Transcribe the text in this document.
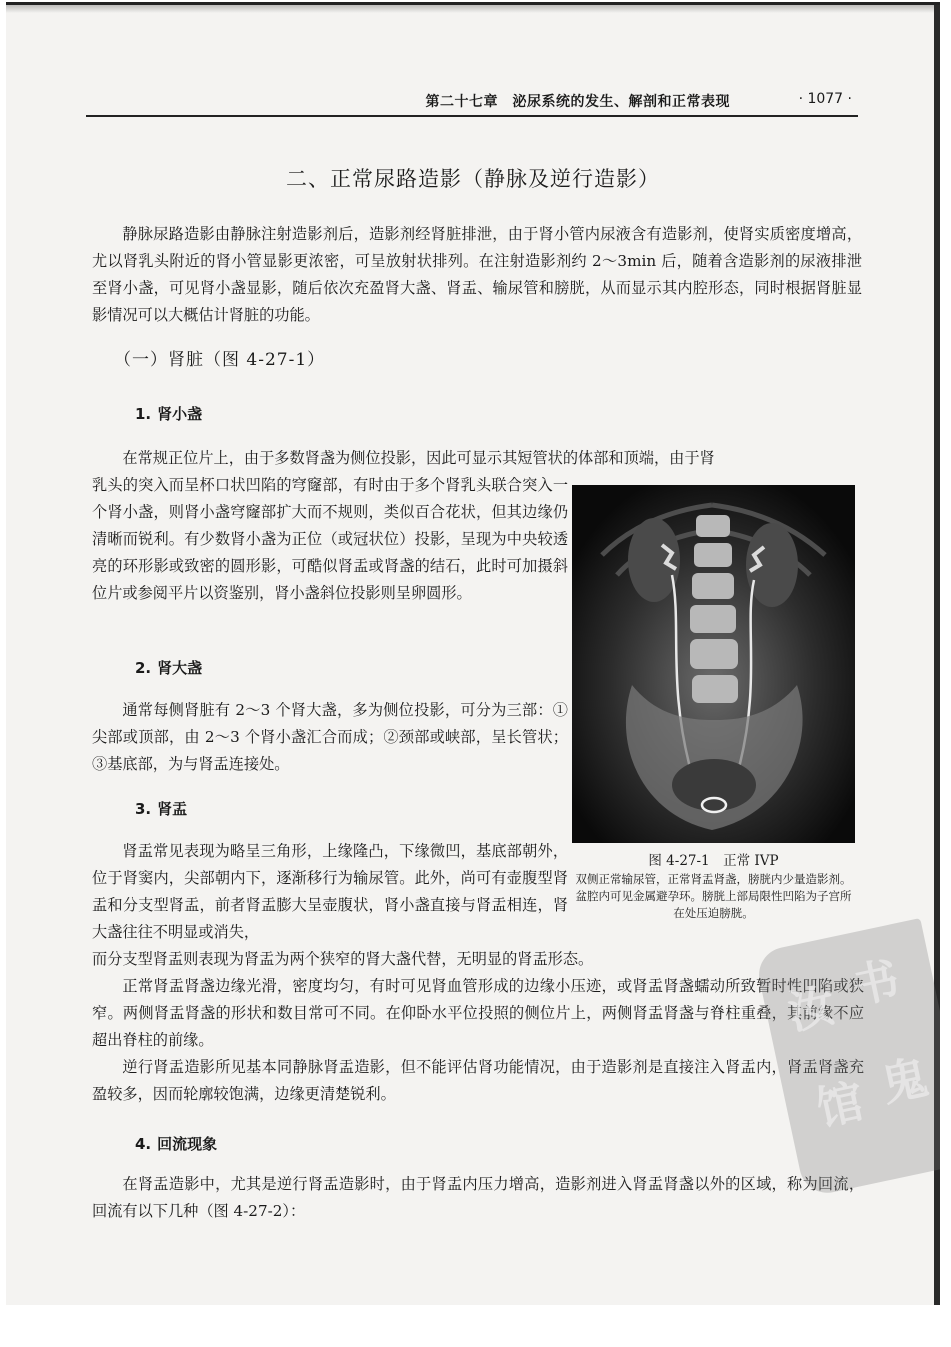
第二十七章　泌尿系统的发生、解剖和正常表现	· 1077 ·
二、正常尿路造影（静脉及逆行造影）

静脉尿路造影由静脉注射造影剂后，造影剂经肾脏排泄，由于肾小管内尿液含有造影剂，使肾实质密度增高，尤以肾乳头附近的肾小管显影更浓密，可呈放射状排列。在注射造影剂约 2～3min 后，随着含造影剂的尿液排泄至肾小盏，可见肾小盏显影，随后依次充盈肾大盏、肾盂、输尿管和膀胱，从而显示其内腔形态，同时根据肾脏显影情况可以大概估计肾脏的功能。

（一）肾脏（图 4-27-1）
1. 肾小盏

在常规正位片上，由于多数肾盏为侧位投影，因此可显示其短管状的体部和顶端，由于肾

乳头的突入而呈杯口状凹陷的穹窿部，有时由于多个肾乳头联合突入一个肾小盏，则肾小盏穹窿部扩大而不规则，类似百合花状，但其边缘仍清晰而锐利。有少数肾小盏为正位（或冠状位）投影，呈现为中央较透亮的环形影或致密的圆形影，可酷似肾盂或肾盏的结石，此时可加摄斜位片或参阅平片以资鉴别，肾小盏斜位投影则呈卵圆形。

2. 肾大盏

通常每侧肾脏有 2～3 个肾大盏，多为侧位投影，可分为三部：①尖部或顶部，由 2～3 个肾小盏汇合而成；②颈部或峡部，呈长管状；③基底部，为与肾盂连接处。

3. 肾盂

肾盂常见表现为略呈三角形，上缘隆凸，下缘微凹，基底部朝外，位于肾窦内，尖部朝内下，逐渐移行为输尿管。此外，尚可有壶腹型肾盂和分支型肾盂，前者肾盂膨大呈壶腹状，肾小盏直接与肾盂相连，肾大盏往往不明显或消失，

而分支型肾盂则表现为肾盂为两个狭窄的肾大盏代替，无明显的肾盂形态。

正常肾盂肾盏边缘光滑，密度均匀，有时可见肾血管形成的边缘小压迹，或肾盂肾盏蠕动所致暂时性凹陷或狭窄。两侧肾盂肾盏的形状和数目常可不同。在仰卧水平位投照的侧位片上，两侧肾盂肾盏与脊柱重叠，其前缘不应超出脊柱的前缘。

逆行肾盂造影所见基本同静脉肾盂造影，但不能评估肾功能情况，由于造影剂是直接注入肾盂内，肾盂肾盏充盈较多，因而轮廓较饱满，边缘更清楚锐利。

4. 回流现象

在肾盂造影中，尤其是逆行肾盂造影时，由于肾盂内压力增高，造影剂进入肾盂肾盏以外的区域，称为回流，回流有以下几种（图 4-27-2）：

图 4-27-1　正常 IVP
双侧正常输尿管，正常肾盂肾盏，膀胱内少量造影剂。盆腔内可见金属避孕环。膀胱上部局限性凹陷为子宫所在处压迫膀胱。
汝 书
馆 鬼
